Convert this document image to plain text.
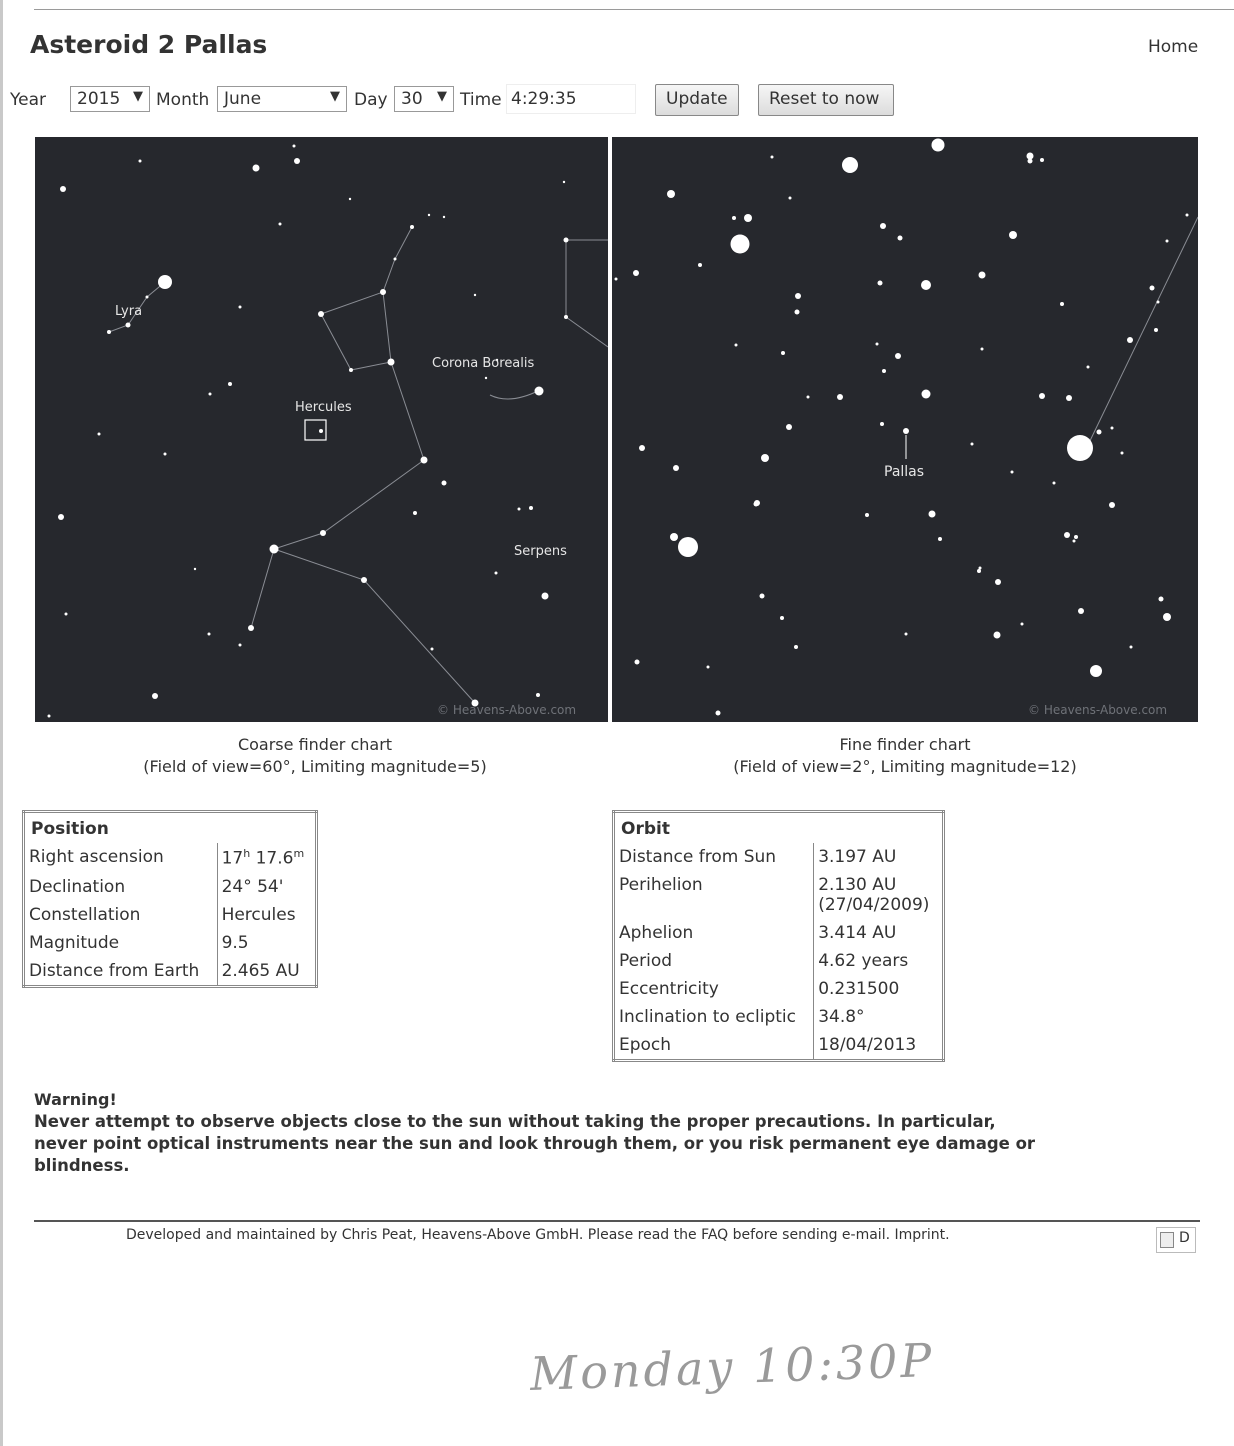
Asteroid 2 Pallas	Home
Year	2015 ▼ Month June	▼ Day 30 ▼ Time 4:29:35	Update	Reset to now
Lyra
Hercules
Corona Borealis
Serpens
© Heavens-Above.com
Pallas
© Heavens-Above.com
Coarse finder chart
(Field of view=60°, Limiting magnitude=5)
Fine finder chart
(Field of view=2°, Limiting magnitude=12)
Position	
Right ascension	17$^h$ 17.6$^m$
Declination	24° 54'
Constellation	Hercules
Magnitude	9.5
Distance from Earth	2.465 AU
Orbit	
Distance from Sun	3.197 AU
Perihelion	2.130 AU
(27/04/2009)
Aphelion	3.414 AU
Period	4.62 years
Eccentricity	0.231500
Inclination to ecliptic	34.8°
Epoch	18/04/2013
Warning!
Never attempt to observe objects close to the sun without taking the proper precautions. In particular, never point optical instruments near the sun and look through them, or you risk permanent eye damage or blindness.
Developed and maintained by Chris Peat, Heavens-Above GmbH. Please read the FAQ before sending e-mail. Imprint.	D
Monday 10:30P
